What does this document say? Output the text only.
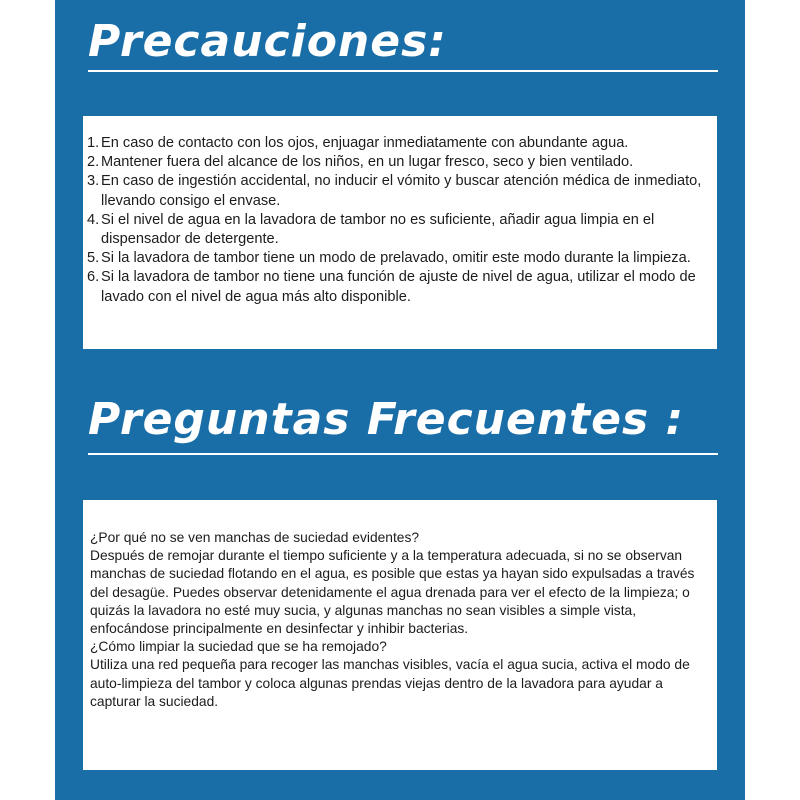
Precauciones:
1. En caso de contacto con los ojos, enjuagar inmediatamente con abundante agua.
2. Mantener fuera del alcance de los niños, en un lugar fresco, seco y bien ventilado.
3. En caso de ingestión accidental, no inducir el vómito y buscar atención médica de inmediato, llevando consigo el envase.
4. Si el nivel de agua en la lavadora de tambor no es suficiente, añadir agua limpia en el dispensador de detergente.
5. Si la lavadora de tambor tiene un modo de prelavado, omitir este modo durante la limpieza.
6. Si la lavadora de tambor no tiene una función de ajuste de nivel de agua, utilizar el modo de lavado con el nivel de agua más alto disponible.
Preguntas Frecuentes :

¿Por qué no se ven manchas de suciedad evidentes?

Después de remojar durante el tiempo suficiente y a la temperatura adecuada, si no se observan manchas de suciedad flotando en el agua, es posible que estas ya hayan sido expulsadas a través del desagüe. Puedes observar detenidamente el agua drenada para ver el efecto de la limpieza; o quizás la lavadora no esté muy sucia, y algunas manchas no sean visibles a simple vista, enfocándose principalmente en desinfectar y inhibir bacterias.

¿Cómo limpiar la suciedad que se ha remojado?

Utiliza una red pequeña para recoger las manchas visibles, vacía el agua sucia, activa el modo de auto-limpieza del tambor y coloca algunas prendas viejas dentro de la lavadora para ayudar a capturar la suciedad.
